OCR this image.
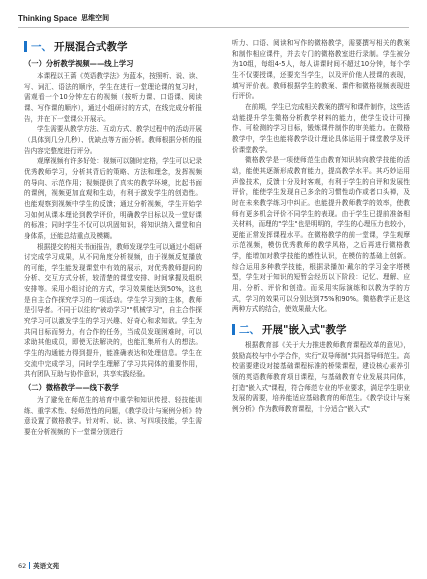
Thinking Space 思维空间
一、 开展混合式教学
（一）分析教学视频——线上学习

本课程以王蔷《英语教学法》为蓝本，按照听、说、读、写、词汇、语法的顺序，学生在进行一堂理论课的复习时，需观看一个10分钟左右的视频（按听力课、口语课、阅读课、写作课的顺序），通过小组研讨的方式，在线完成分析报告，并在下一堂课公开展示。

学生需要从教学方法、互动方式、教学过程中的活动开展（具体到几分几秒）、优缺点等方面分析。教师根据分析的报告内容完整度进行评分。

观摩视频有许多好处：视频可以随时定格，学生可以记录优秀教师学习，分析其背后的策略、方法和理念，发挥视频的导向、示范作用；视频提供了真实的教学环境，比起书面的课例，视频更加直观和生动，有利于激发学生的创造性。也能观察到视频中学生的反馈；通过分析视频，学生开始学习如何从课本理论到教学评价，明确教学目标以及一堂好课的标准；同时学生不仅可以巩固知识，将知识纳入课堂和自身体系，还能总结重点及模糊。

根据提交的相关书面报告，教师发现学生可以通过小组研讨完成学习成果，从不同角度分析视频，由于视频反复播放的可能，学生能发现课堂中有效的展示，对优秀教师提问的分析、交互方式分析，较清楚的课堂安排、时间掌握及组织安排等。采用小组讨论的方式，学习效果能达到50%，这也是自主合作探究学习的一项活动。学生学习到的主体，教师是引导者。不同于以往的"被动学习""机械学习"，自主合作探究学习可以激发学生的学习兴趣、好奇心和求知欲。学生为共同目标而努力，有合作的任务，当成员发现困难时，可以求助其他成员，即使无法解决的，也能汇集所有人的想法。学生的沟通能力得到提升，能准确表达和处理信息。学生在交流中完成学习，同时学生理解了学习共同体的重要作用，共有团队互助与协作意识，共享实践经验。

（二）微格教学——线下教学

为了避免在师范生的培育中重学和知识传授、轻技能训练、重学术性、轻师范性的问题，《教学设计与案例分析》特意设置了微格教学。针对听、说、读、写四项技能，学生需要在分析视频的下一堂课分别进行

听力、口语、阅读和写作的微格教学，需要撰写相关的教案和制作相应课件，并去专门的微格教室进行录制。学生被分为10组，每组4-5人，每人讲课时间不超过10分钟，每个学生不仅要授课，还要充当学生，以及评价他人授课的表现，填写评价表。教师根据学生的教案、课件和微格视频表现进行评价。

在前期，学生已完成相关教案的撰写和课件制作，这些活动能提升学生微格分析教学材料的能力，使学生设计可操作、可检测的学习目标，锻炼课件制作的审美能力。在微格教学中，学生也能将教学设计理论具体运用于课堂教学及评价课堂教学。

微格教学是一项使师范生由教育知识转向教学技能的活动，能使其逐渐形成教育能力，提高教学水平。其巧妙运用声像技术，反馈十分及时客观，有利于学生的自评和发展性评价，能使学生发现自己多余的习惯性动作或者口头禅，及时在未来教学练习中纠正。也能提升教师教学的效率，使教师有更多机会评价不同学生的表现。由于学生已提前准备相关材料，而理的"学生"也是明明的，学生的心理压力也较小，更能正常发挥课程水平。在微格教学的前一堂课，学生观摩示范视频，模仿优秀教师的教学风格，之后再进行微格教学，能增加对教学技能的感性认识，在模仿的基础上创新。综合运用多种教学技能，根据录播加·戴尔的学习金字塔模型，学生对于知识的短暂会经历以下阶段：记忆、理解、应用、分析、评价和创造。而采用实际演练和以教为学的方式，学习的效果可以分别达到75%和90%。微格教学正是这两种方式的结合，使效果最大化。

二、 开展"嵌入式"教学

根据教育部《关于大力推进教师教育课程改革的意见》，鼓励高校与中小学合作，实行"双导师制"共同指导师范生。高校需要建设对接基础课程标准的桥梁课程，建设核心素养引领的英语教师教育项目课程，与基础教育专业发展共同体，打造"嵌入式"课程，符合师范专业的毕业要求，满足学生职业发展的需要，培养能适应基础教育的师范生。《教学设计与案例分析》作为教师教育课程，十分适合"嵌入式"

62 英语文苑
